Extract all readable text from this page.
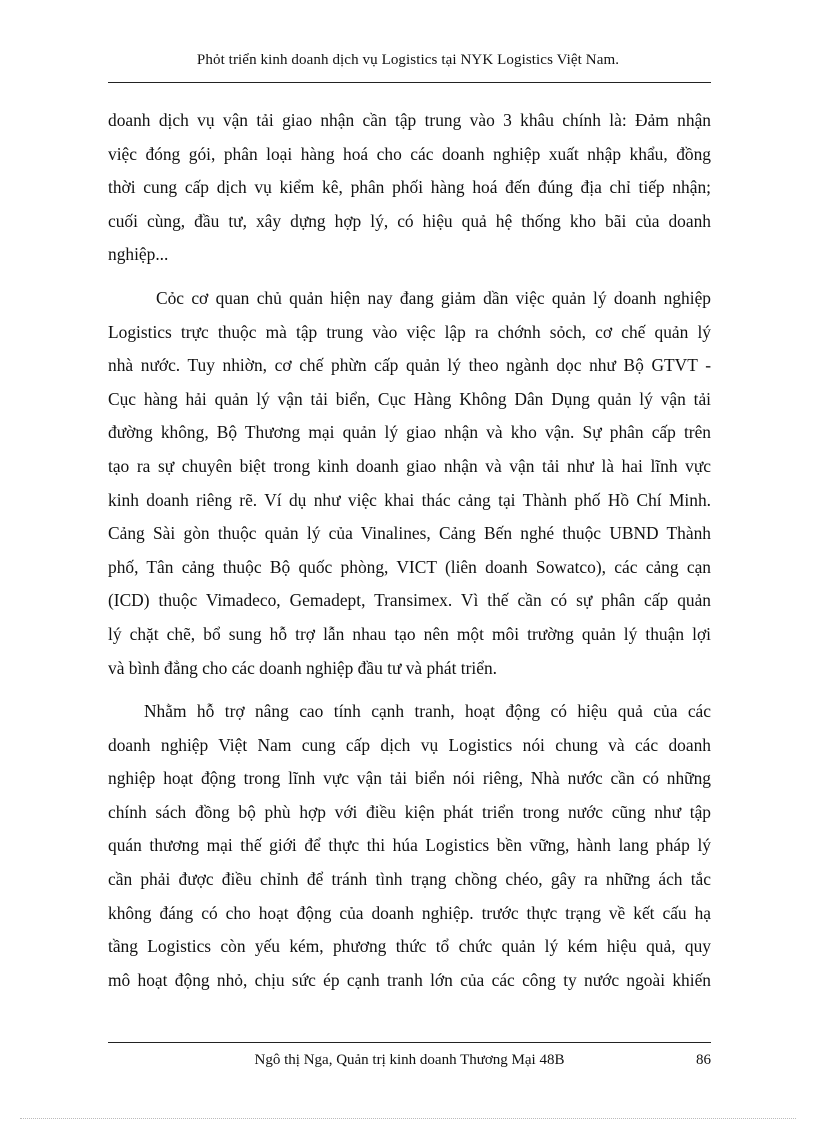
Phỏt triển kinh doanh dịch vụ Logistics tại NYK Logistics Việt Nam.
doanh dịch vụ vận tải giao nhận cần tập trung vào 3 khâu chính là: Đảm nhận
việc đóng gói, phân loại hàng hoá cho các doanh nghiệp xuất nhập khẩu, đồng
thời cung cấp dịch vụ kiểm kê, phân phối hàng hoá đến đúng địa chỉ tiếp nhận;
cuối cùng, đầu tư, xây dựng hợp lý, có hiệu quả hệ thống kho bãi của doanh
nghiệp...
Cỏc cơ quan chủ quản hiện nay đang giảm dần việc quản lý doanh nghiệp
Logistics trực thuộc mà tập trung vào việc lập ra chớnh sỏch, cơ chế quản lý
nhà nước. Tuy nhiờn, cơ chế phừn cấp quản lý theo ngành dọc như Bộ GTVT -
Cục hàng hải quản lý vận tải biển, Cục Hàng Không Dân Dụng quản lý vận tải
đường không, Bộ Thương mại quản lý giao nhận và kho vận. Sự phân cấp trên
tạo ra sự chuyên biệt trong kinh doanh giao nhận và vận tải như là hai lĩnh vực
kinh doanh riêng rẽ. Ví dụ như việc khai thác cảng tại Thành phố Hồ Chí Minh.
Cảng Sài gòn thuộc quản lý của Vinalines, Cảng Bến nghé thuộc UBND Thành
phố, Tân cảng thuộc Bộ quốc phòng, VICT (liên doanh Sowatco), các cảng cạn
(ICD) thuộc Vimadeco, Gemadept, Transimex. Vì thế cần có sự phân cấp quản
lý chặt chẽ, bổ sung hỗ trợ lẫn nhau tạo nên một môi trường quản lý thuận lợi
và bình đẳng cho các doanh nghiệp đầu tư và phát triển.
Nhằm hỗ trợ nâng cao tính cạnh tranh, hoạt động có hiệu quả của các
doanh nghiệp Việt Nam cung cấp dịch vụ Logistics nói chung và các doanh
nghiệp hoạt động trong lĩnh vực vận tải biển nói riêng, Nhà nước cần có những
chính sách đồng bộ phù hợp với điều kiện phát triển trong nước cũng như tập
quán thương mại thế giới để thực thi húa Logistics bền vững, hành lang pháp lý
cần phải được điều chỉnh để tránh tình trạng chồng chéo, gây ra những ách tắc
không đáng có cho hoạt động của doanh nghiệp. trước thực trạng về kết cấu hạ
tầng Logistics còn yếu kém, phương thức tổ chức quản lý kém hiệu quả, quy
mô hoạt động nhỏ, chịu sức ép cạnh tranh lớn của các công ty nước ngoài khiến
Ngô thị Nga, Quản trị kinh doanh Thương Mại 48B	86
